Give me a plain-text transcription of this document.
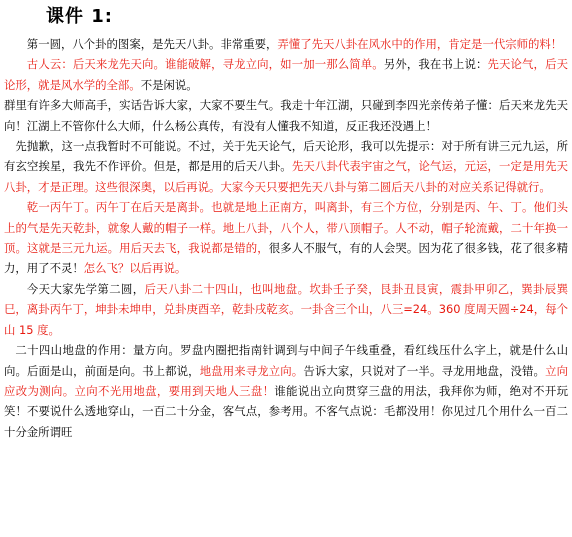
课件 1:

第一圆，八个卦的图案，是先天八卦。非常重要，弄懂了先天八卦在风水中的作用，肯定是一代宗师的料！

古人云：后天来龙先天向。谁能破解，寻龙立向，如一加一那么简单。另外，我在书上说：先天论气，后天论形，就是风水学的全部。不是闲说。

群里有许多大师高手，实话告诉大家，大家不要生气。我走十年江湖，只碰到李四光亲传弟子懂：后天来龙先天向！江湖上不管你什么大师，什么杨公真传，有没有人懂我不知道，反正我还没遇上！

先抛歉，这一点我暂时不可能说。不过，关于先天论气，后天论形，我可以先提示：对于所有讲三元九运，所有玄空挨星，我先不作评价。但是，都是用的后天八卦。先天八卦代表宇宙之气，论气运，元运，一定是用先天八卦，才是正理。这些很深奥，以后再说。大家今天只要把先天八卦与第二圆后天八卦的对应关系记得就行。

乾一丙午丁。丙午丁在后天是离卦。也就是地上正南方，叫离卦，有三个方位，分别是丙、午、丁。他们头上的气是先天乾卦，就象人戴的帽子一样。地上八卦，八个人，带八顶帽子。人不动，帽子轮流戴，二十年换一顶。这就是三元九运。用后天去飞，我说都是错的，很多人不服气，有的人会哭。因为花了很多钱，花了很多精力，用了不灵！怎么飞？以后再说。

今天大家先学第二圆，后天八卦二十四山，也叫地盘。坎卦壬子癸，艮卦丑艮寅，震卦甲卯乙，巽卦辰巽巳，离卦丙午丁，坤卦未坤申，兑卦庚酉辛，乾卦戌乾亥。一卦含三个山，八三=24。360 度周天圆÷24，每个山 15 度。

二十四山地盘的作用：量方向。罗盘内圈把指南针调到与中间子午线重叠，看红线压什么字上，就是什么山向。后面是山，前面是向。书上都说，地盘用来寻龙立向。告诉大家，只说对了一半。寻龙用地盘，没错。立向应改为测向。立向不光用地盘，要用到天地人三盘！谁能说出立向贯穿三盘的用法，我拜你为师，绝对不开玩笑！不要说什么透地穿山，一百二十分金，客气点，参考用。不客气点说：毛都没用！你见过几个用什么一百二十分金所谓旺
